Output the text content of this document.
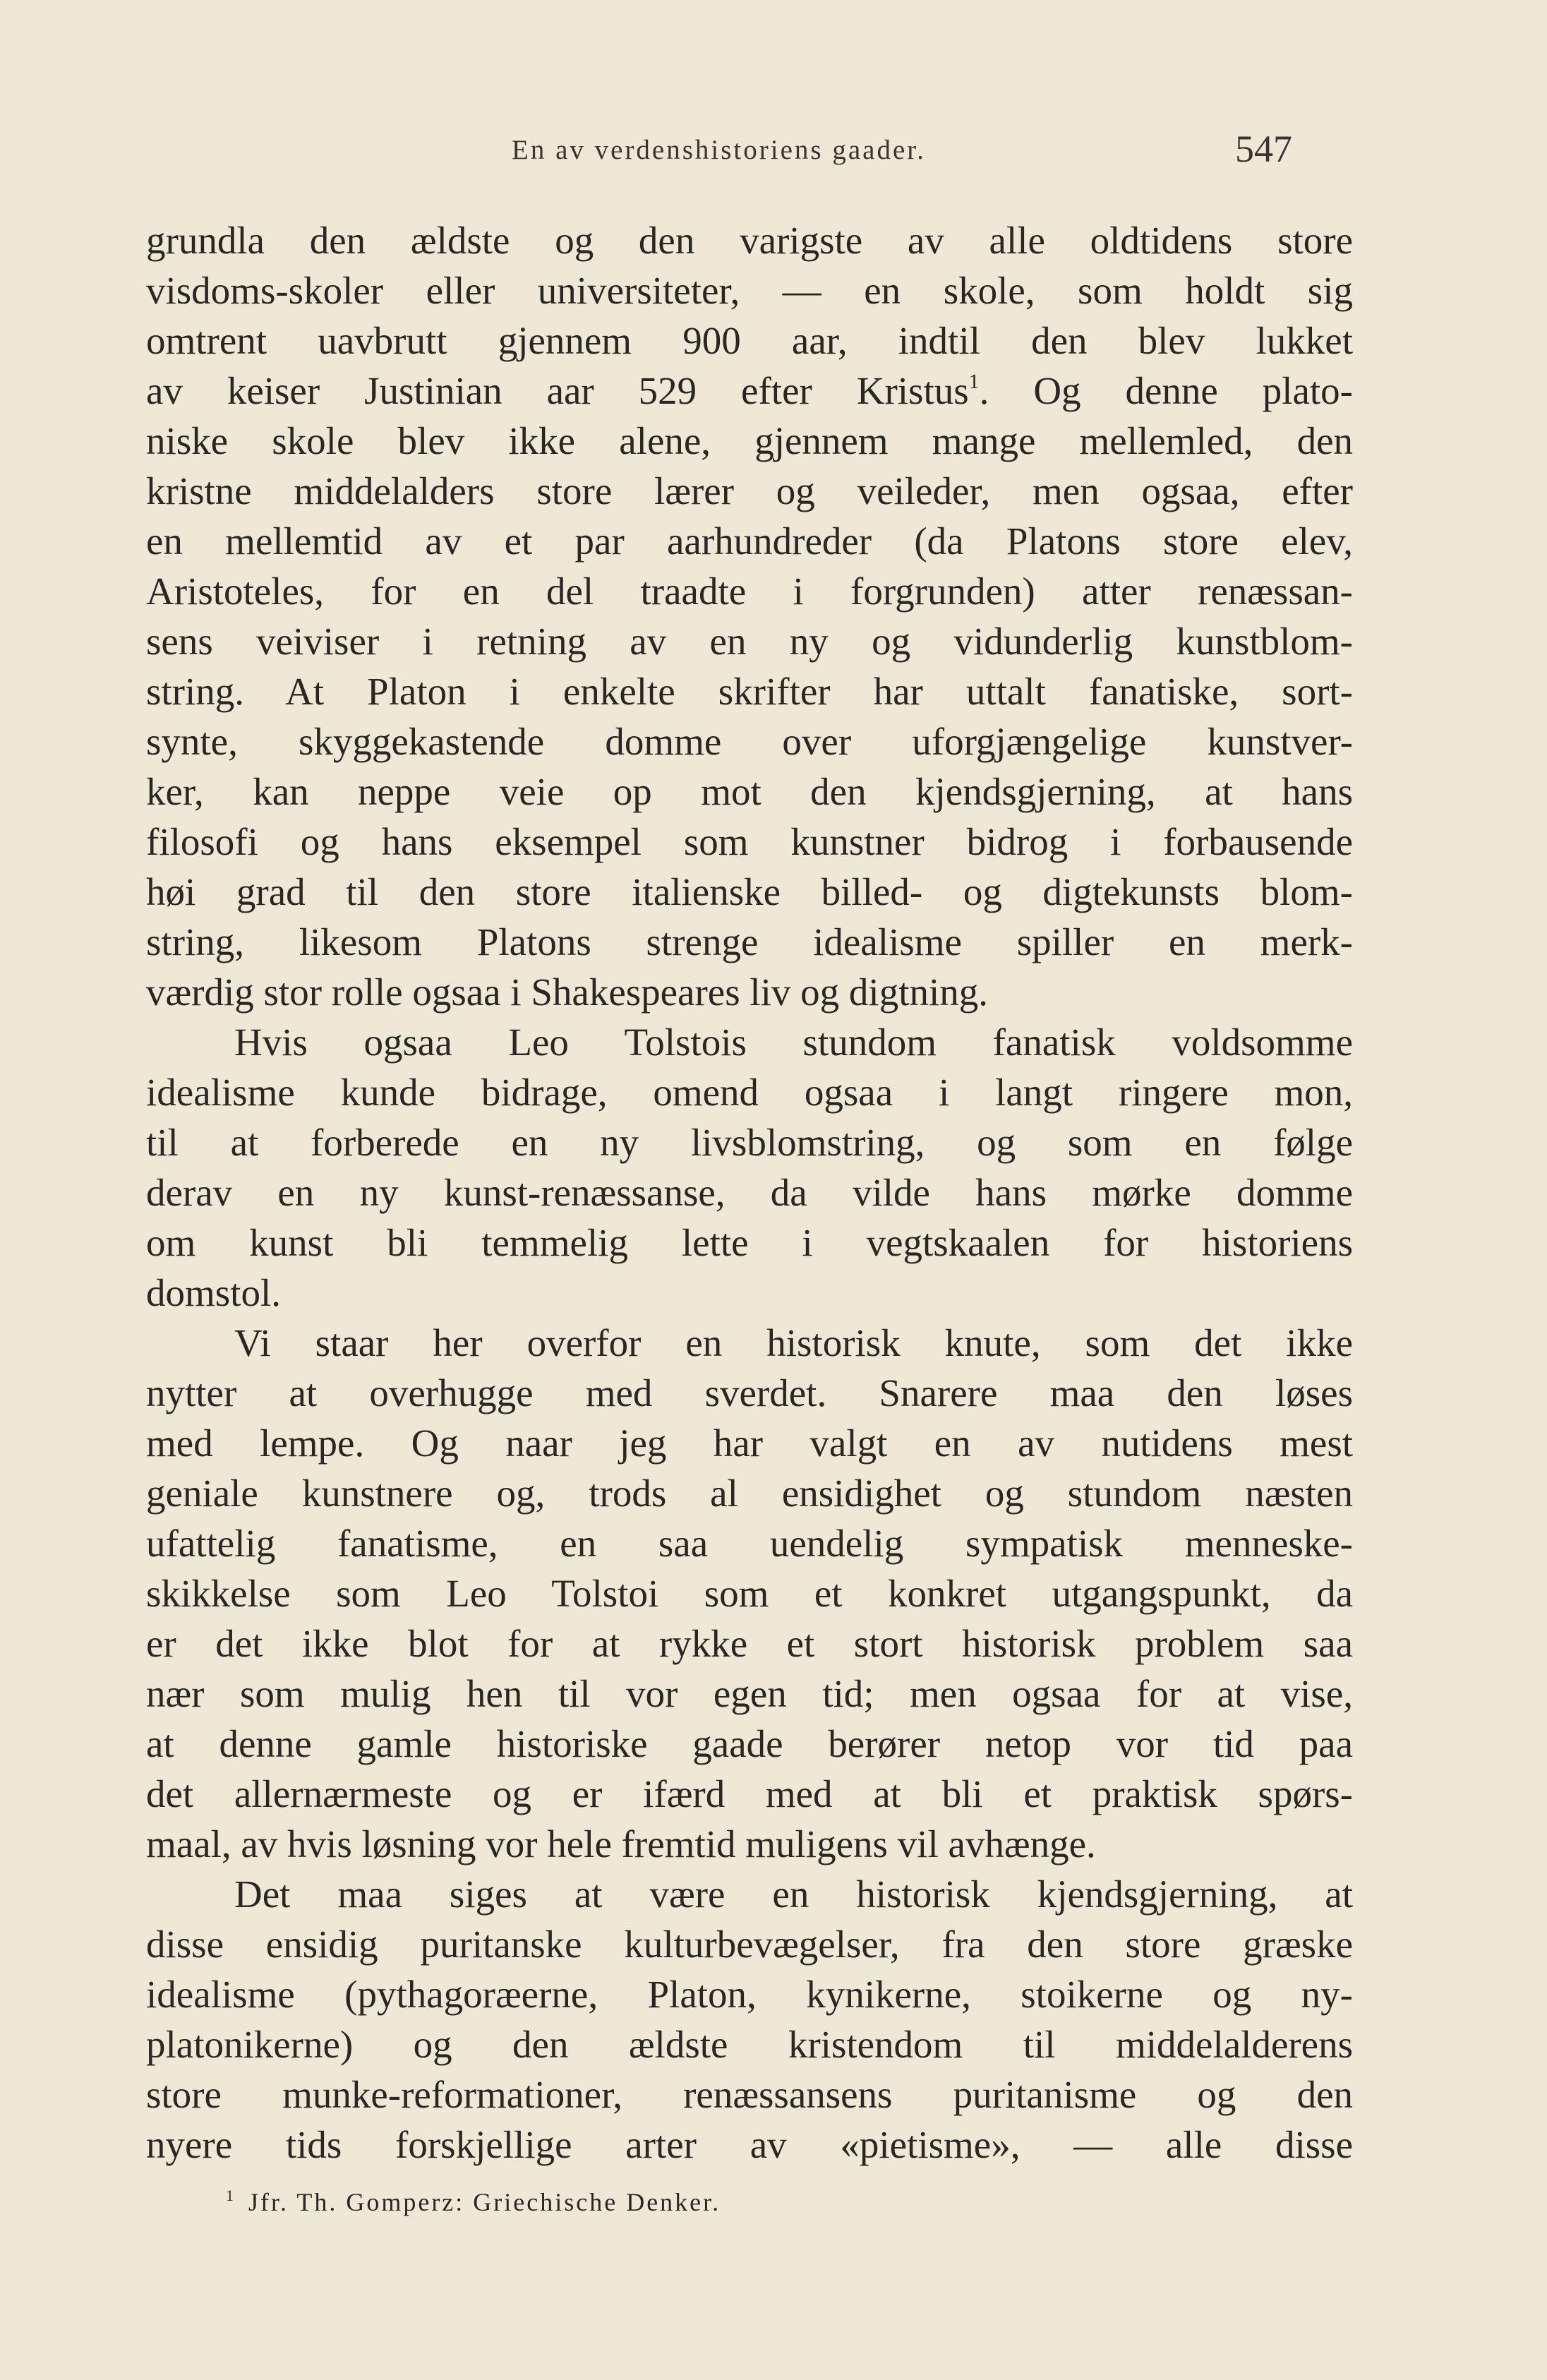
En av verdenshistoriens gaader.	547
grundla den ældste og den varigste av alle oldtidens store
visdoms-skoler eller universiteter, — en skole, som holdt sig
omtrent uavbrutt gjennem 900 aar, indtil den blev lukket
av keiser Justinian aar 529 efter Kristus$^1$. Og denne plato-
niske skole blev ikke alene, gjennem mange mellemled, den
kristne middelalders store lærer og veileder, men ogsaa, efter
en mellemtid av et par aarhundreder (da Platons store elev,
Aristoteles, for en del traadte i forgrunden) atter renæssan-
sens veiviser i retning av en ny og vidunderlig kunstblom-
string. At Platon i enkelte skrifter har uttalt fanatiske, sort-
synte, skyggekastende domme over uforgjængelige kunstver-
ker, kan neppe veie op mot den kjendsgjerning, at hans
filosofi og hans eksempel som kunstner bidrog i forbausende
høi grad til den store italienske billed- og digtekunsts blom-
string, likesom Platons strenge idealisme spiller en merk-
værdig stor rolle ogsaa i Shakespeares liv og digtning.
Hvis ogsaa Leo Tolstois stundom fanatisk voldsomme
idealisme kunde bidrage, omend ogsaa i langt ringere mon,
til at forberede en ny livsblomstring, og som en følge
derav en ny kunst-renæssanse, da vilde hans mørke domme
om kunst bli temmelig lette i vegtskaalen for historiens
domstol.
Vi staar her overfor en historisk knute, som det ikke
nytter at overhugge med sverdet. Snarere maa den løses
med lempe. Og naar jeg har valgt en av nutidens mest
geniale kunstnere og, trods al ensidighet og stundom næsten
ufattelig fanatisme, en saa uendelig sympatisk menneske-
skikkelse som Leo Tolstoi som et konkret utgangspunkt, da
er det ikke blot for at rykke et stort historisk problem saa
nær som mulig hen til vor egen tid; men ogsaa for at vise,
at denne gamle historiske gaade berører netop vor tid paa
det allernærmeste og er ifærd med at bli et praktisk spørs-
maal, av hvis løsning vor hele fremtid muligens vil avhænge.
Det maa siges at være en historisk kjendsgjerning, at
disse ensidig puritanske kulturbevægelser, fra den store græske
idealisme (pythagoræerne, Platon, kynikerne, stoikerne og ny-
platonikerne) og den ældste kristendom til middelalderens
store munke-reformationer, renæssansens puritanisme og den
nyere tids forskjellige arter av «pietisme», — alle disse
$^1$ Jfr. Th. Gomperz: Griechische Denker.
